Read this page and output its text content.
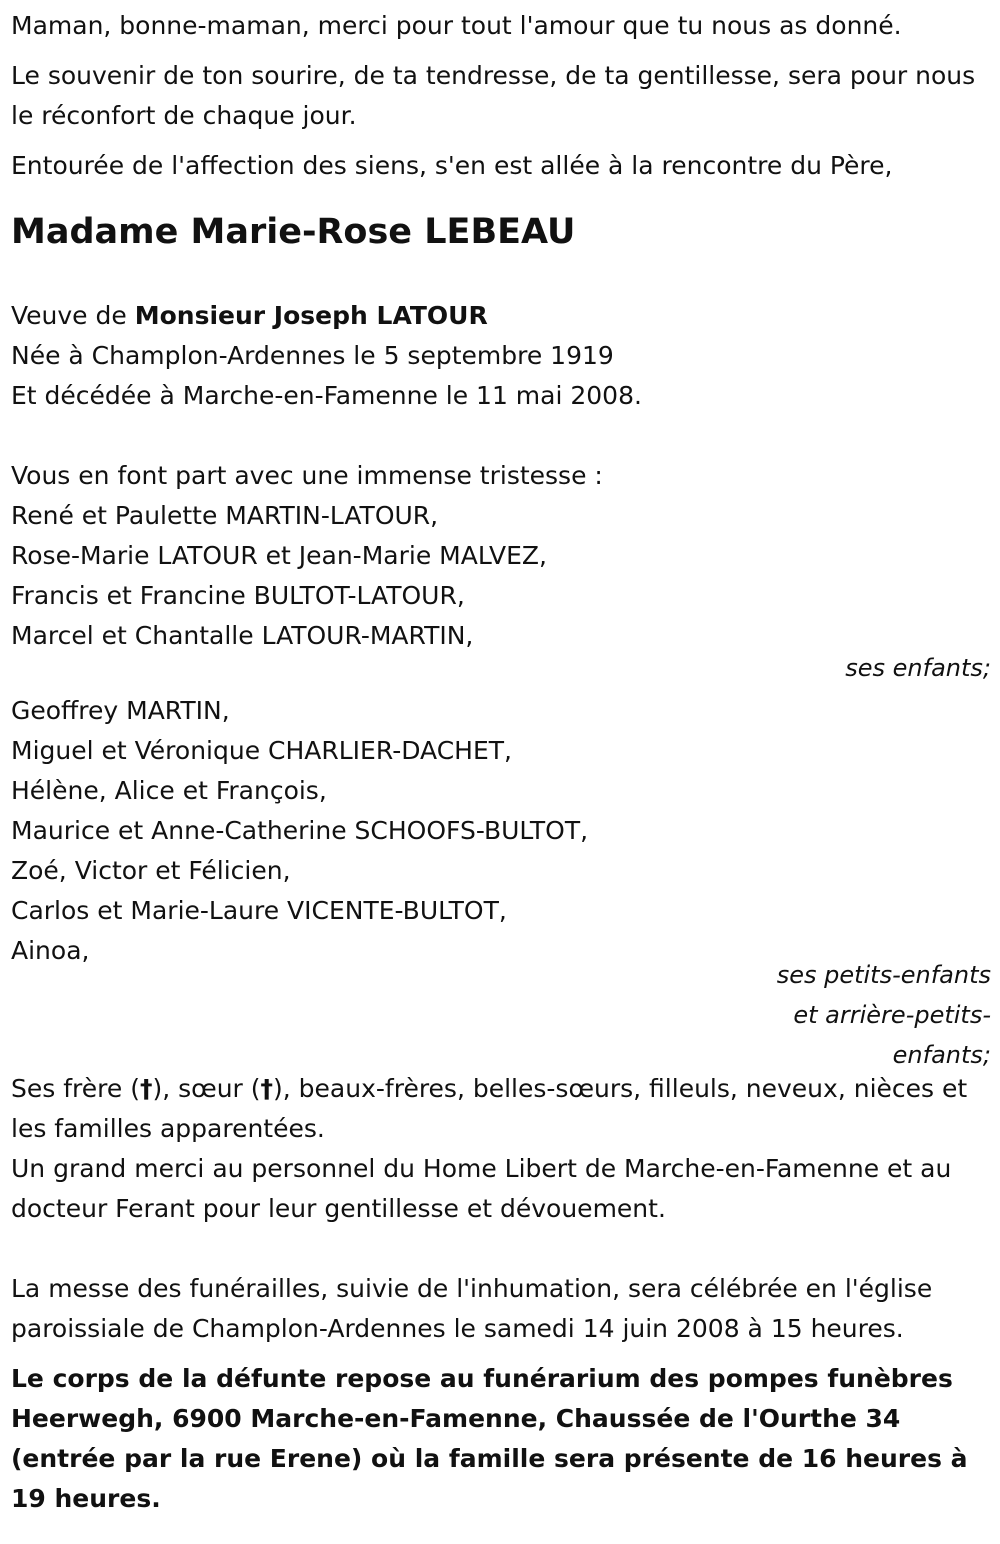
Maman, bonne-maman, merci pour tout l'amour que tu nous as donné.

Le souvenir de ton sourire, de ta tendresse, de ta gentillesse, sera pour nous le réconfort de chaque jour.

Entourée de l'affection des siens, s'en est allée à la rencontre du Père,

Madame Marie-Rose LEBEAU

Veuve de Monsieur Joseph LATOUR

Née à Champlon-Ardennes le 5 septembre 1919

Et décédée à Marche-en-Famenne le 11 mai 2008.

Vous en font part avec une immense tristesse :

René et Paulette MARTIN-LATOUR,

Rose-Marie LATOUR et Jean-Marie MALVEZ,

Francis et Francine BULTOT-LATOUR,

Marcel et Chantalle LATOUR-MARTIN,

ses enfants;

Geoffrey MARTIN,

Miguel et Véronique CHARLIER-DACHET,

Hélène, Alice et François,

Maurice et Anne-Catherine SCHOOFS-BULTOT,

Zoé, Victor et Félicien,

Carlos et Marie-Laure VICENTE-BULTOT,

Ainoa,

ses petits-enfants

et arrière-petits-

enfants;

Ses frère (†), sœur (†), beaux-frères, belles-sœurs, filleuls, neveux, nièces et les familles apparentées.

Un grand merci au personnel du Home Libert de Marche-en-Famenne et au docteur Ferant pour leur gentillesse et dévouement.

La messe des funérailles, suivie de l'inhumation, sera célébrée en l'église paroissiale de Champlon-Ardennes le samedi 14 juin 2008 à 15 heures.

Le corps de la défunte repose au funérarium des pompes funèbres Heerwegh, 6900 Marche-en-Famenne, Chaussée de l'Ourthe 34 (entrée par la rue Erene) où la famille sera présente de 16 heures à 19 heures.
